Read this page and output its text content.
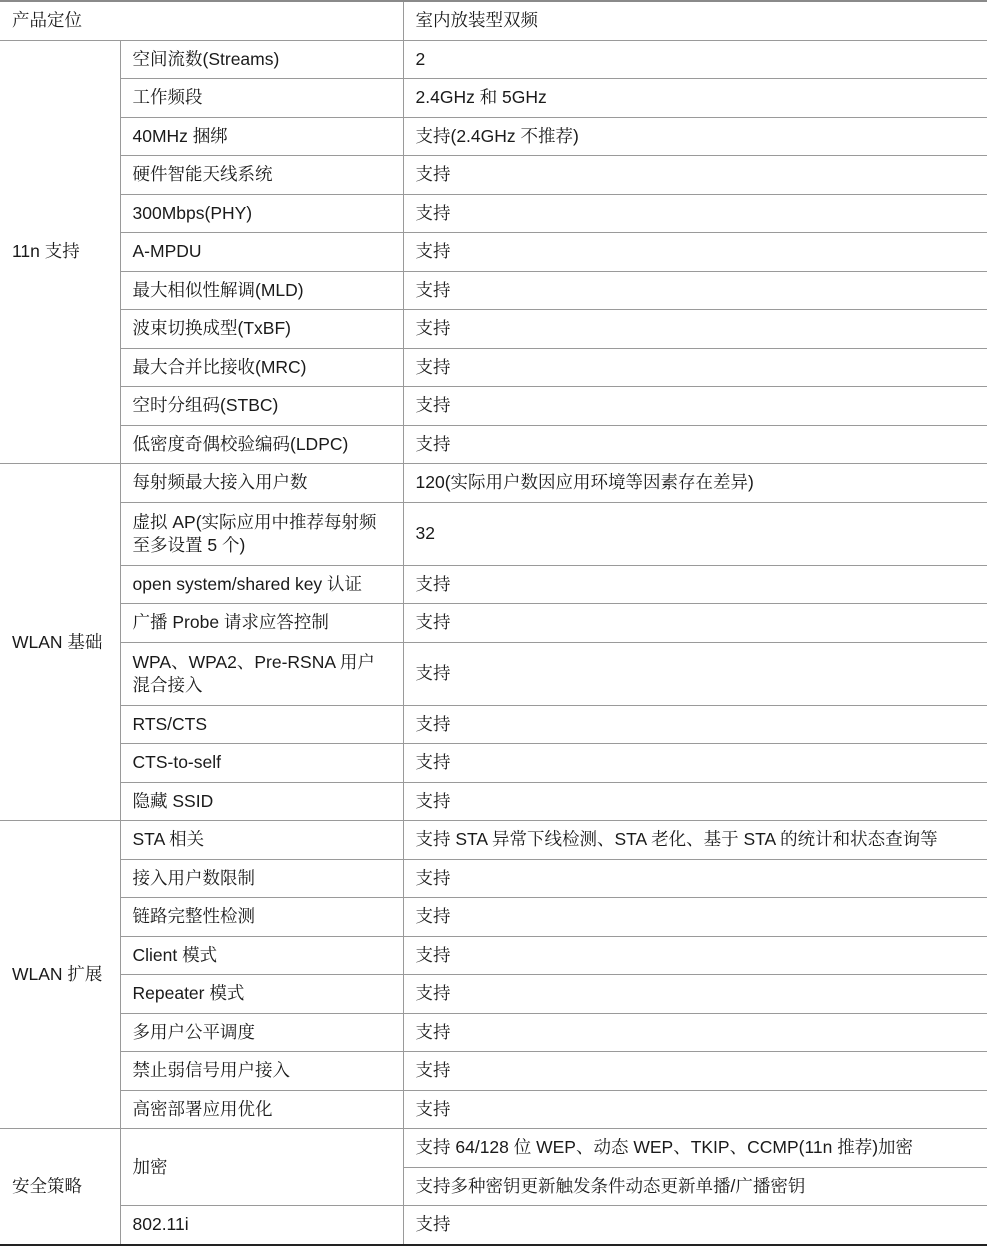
产品定位		室内放装型双频
11n 支持	空间流数(Streams)	2
	工作频段	2.4GHz 和 5GHz
	40MHz 捆绑	支持(2.4GHz 不推荐)
	硬件智能天线系统	支持
	300Mbps(PHY)	支持
	A-MPDU	支持
	最大相似性解调(MLD)	支持
	波束切换成型(TxBF)	支持
	最大合并比接收(MRC)	支持
	空时分组码(STBC)	支持
	低密度奇偶校验编码(LDPC)	支持
WLAN 基础	每射频最大接入用户数	120(实际用户数因应用环境等因素存在差异)
	虚拟 AP(实际应用中推荐每射频至多设置 5 个)	32
	open system/shared key 认证	支持
	广播 Probe 请求应答控制	支持
	WPA、WPA2、Pre-RSNA 用户混合接入	支持
	RTS/CTS	支持
	CTS-to-self	支持
	隐藏 SSID	支持
WLAN 扩展	STA 相关	支持 STA 异常下线检测、STA 老化、基于 STA 的统计和状态查询等
	接入用户数限制	支持
	链路完整性检测	支持
	Client 模式	支持
	Repeater 模式	支持
	多用户公平调度	支持
	禁止弱信号用户接入	支持
	高密部署应用优化	支持
安全策略	加密	支持 64/128 位 WEP、动态 WEP、TKIP、CCMP(11n 推荐)加密
		支持多种密钥更新触发条件动态更新单播/广播密钥
	802.11i	支持
